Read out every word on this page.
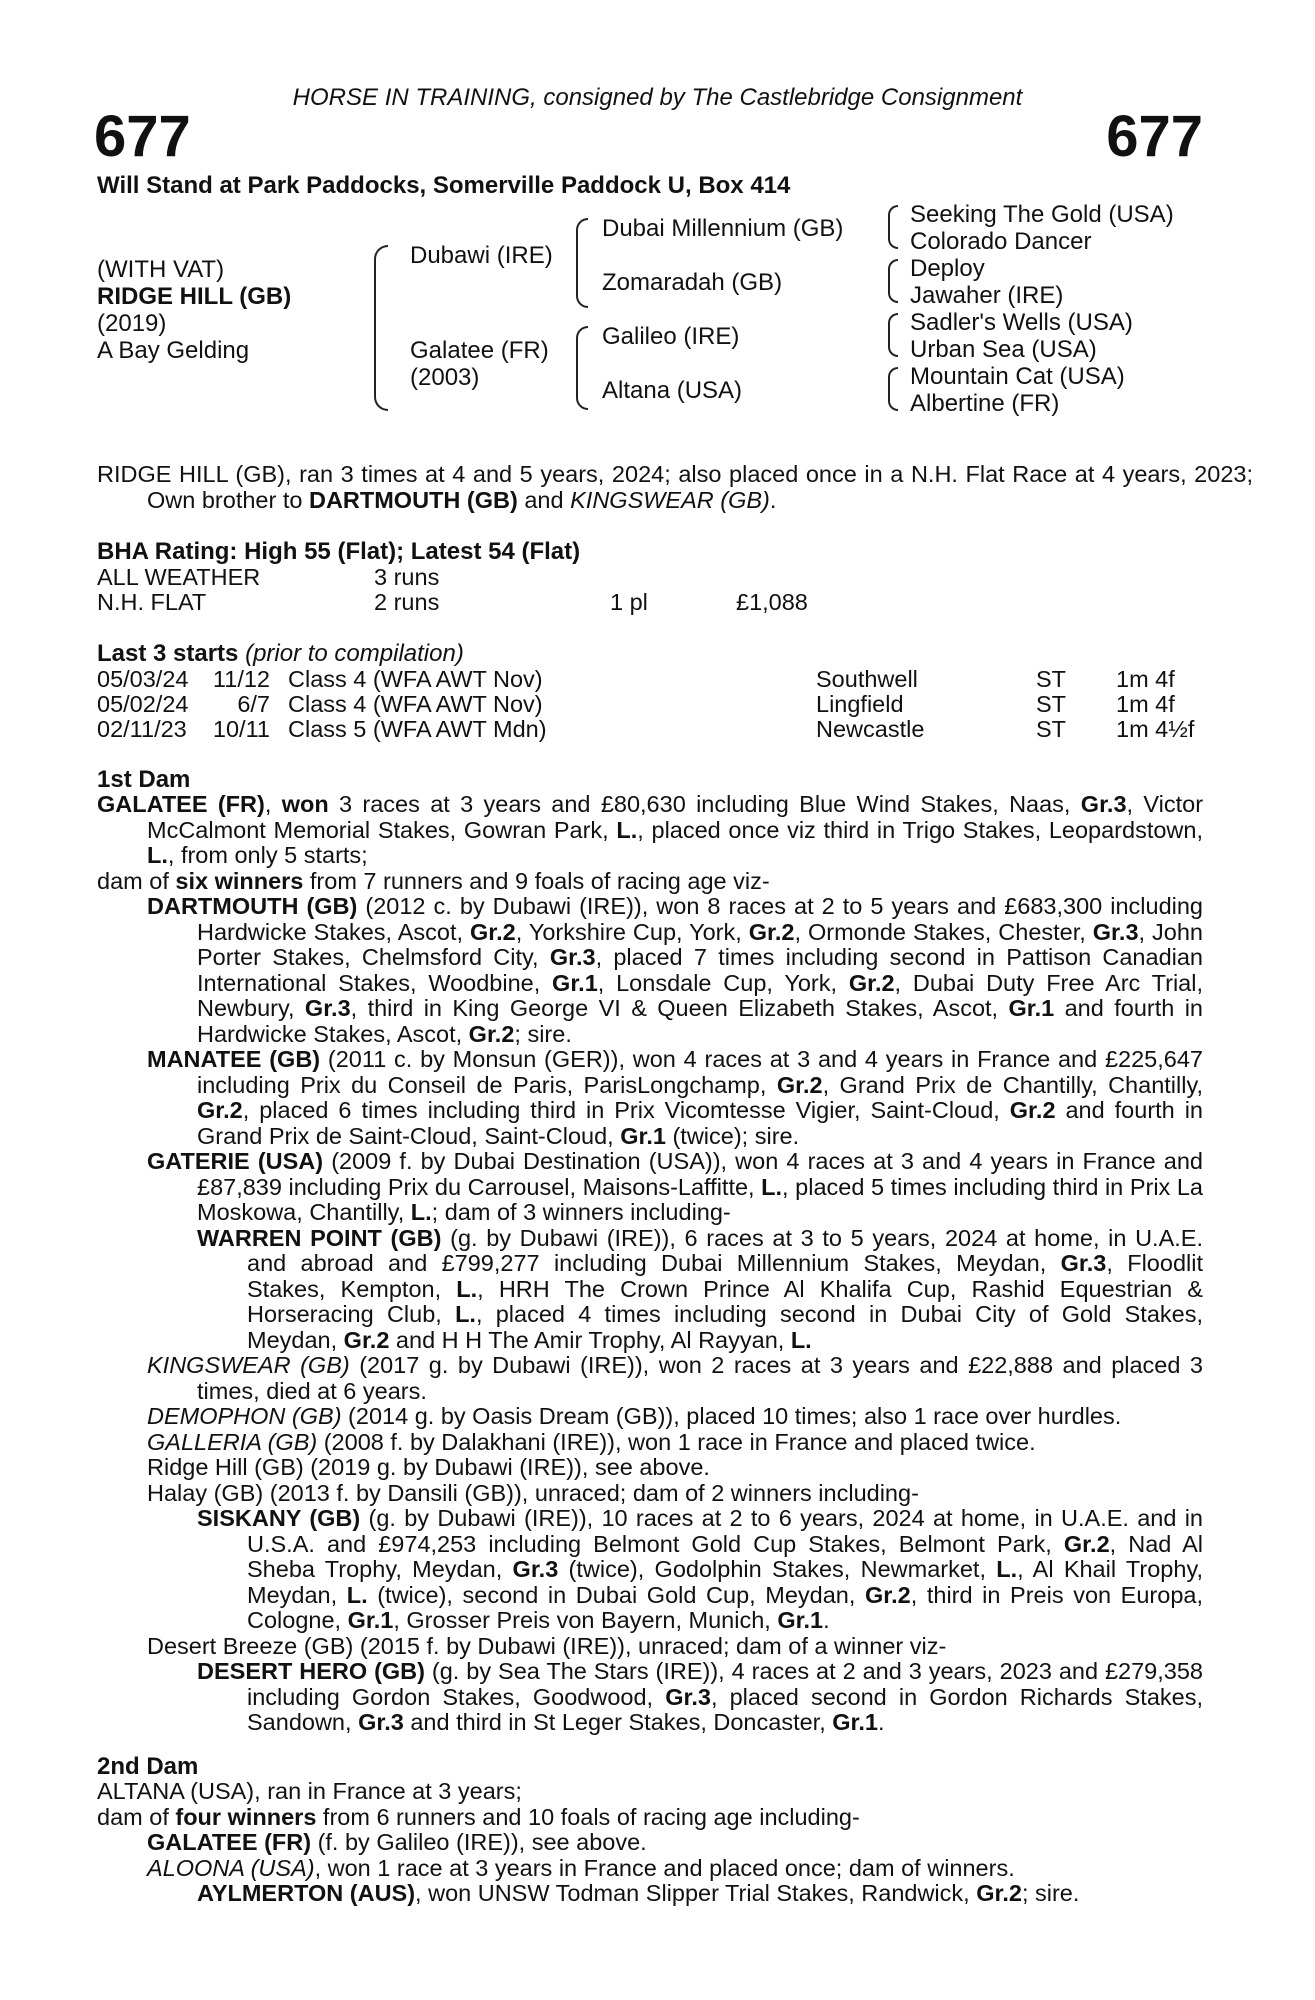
HORSE IN TRAINING, consigned by The Castlebridge Consignment
677	677
Will Stand at Park Paddocks, Somerville Paddock U, Box 414
(WITH VAT)
RIDGE HILL (GB)
(2019)
A Bay Gelding
Dubawi (IRE)
Galatee (FR)
(2003)
Dubai Millennium (GB)
Zomaradah (GB)
Galileo (IRE)
Altana (USA)
Seeking The Gold (USA)
Colorado Dancer
Deploy
Jawaher (IRE)
Sadler's Wells (USA)
Urban Sea (USA)
Mountain Cat (USA)
Albertine (FR)
RIDGE HILL (GB), ran 3 times at 4 and 5 years, 2024; also placed once in a N.H. Flat Race at 4 years, 2023; Own brother to DARTMOUTH (GB) and KINGSWEAR (GB).
BHA Rating: High 55 (Flat); Latest 54 (Flat)
ALL WEATHER	3 runs
N.H. FLAT	2 runs	1 pl	£1,088
Last 3 starts (prior to compilation)
05/03/24	11/12 Class 4 (WFA AWT Nov)	Southwell	ST 1m 4f
05/02/24	6/7 Class 4 (WFA AWT Nov)	Lingfield	ST 1m 4f
02/11/23	10/11 Class 5 (WFA AWT Mdn)	Newcastle	ST 1m 4½f
1st Dam

GALATEE (FR), won 3 races at 3 years and £80,630 including Blue Wind Stakes, Naas, Gr.3, Victor McCalmont Memorial Stakes, Gowran Park, L., placed once viz third in Trigo Stakes, Leopardstown, L., from only 5 starts;

dam of six winners from 7 runners and 9 foals of racing age viz-

DARTMOUTH (GB) (2012 c. by Dubawi (IRE)), won 8 races at 2 to 5 years and £683,300 including Hardwicke Stakes, Ascot, Gr.2, Yorkshire Cup, York, Gr.2, Ormonde Stakes, Chester, Gr.3, John Porter Stakes, Chelmsford City, Gr.3, placed 7 times including second in Pattison Canadian International Stakes, Woodbine, Gr.1, Lonsdale Cup, York, Gr.2, Dubai Duty Free Arc Trial, Newbury, Gr.3, third in King George VI & Queen Elizabeth Stakes, Ascot, Gr.1 and fourth in Hardwicke Stakes, Ascot, Gr.2; sire.

MANATEE (GB) (2011 c. by Monsun (GER)), won 4 races at 3 and 4 years in France and £225,647 including Prix du Conseil de Paris, ParisLongchamp, Gr.2, Grand Prix de Chantilly, Chantilly, Gr.2, placed 6 times including third in Prix Vicomtesse Vigier, Saint-Cloud, Gr.2 and fourth in Grand Prix de Saint-Cloud, Saint-Cloud, Gr.1 (twice); sire.

GATERIE (USA) (2009 f. by Dubai Destination (USA)), won 4 races at 3 and 4 years in France and £87,839 including Prix du Carrousel, Maisons-Laffitte, L., placed 5 times including third in Prix La Moskowa, Chantilly, L.; dam of 3 winners including-

WARREN POINT (GB) (g. by Dubawi (IRE)), 6 races at 3 to 5 years, 2024 at home, in U.A.E. and abroad and £799,277 including Dubai Millennium Stakes, Meydan, Gr.3, Floodlit Stakes, Kempton, L., HRH The Crown Prince Al Khalifa Cup, Rashid Equestrian & Horseracing Club, L., placed 4 times including second in Dubai City of Gold Stakes, Meydan, Gr.2 and H H The Amir Trophy, Al Rayyan, L.

KINGSWEAR (GB) (2017 g. by Dubawi (IRE)), won 2 races at 3 years and £22,888 and placed 3 times, died at 6 years.

DEMOPHON (GB) (2014 g. by Oasis Dream (GB)), placed 10 times; also 1 race over hurdles.

GALLERIA (GB) (2008 f. by Dalakhani (IRE)), won 1 race in France and placed twice.

Ridge Hill (GB) (2019 g. by Dubawi (IRE)), see above.

Halay (GB) (2013 f. by Dansili (GB)), unraced; dam of 2 winners including-

SISKANY (GB) (g. by Dubawi (IRE)), 10 races at 2 to 6 years, 2024 at home, in U.A.E. and in U.S.A. and £974,253 including Belmont Gold Cup Stakes, Belmont Park, Gr.2, Nad Al Sheba Trophy, Meydan, Gr.3 (twice), Godolphin Stakes, Newmarket, L., Al Khail Trophy, Meydan, L. (twice), second in Dubai Gold Cup, Meydan, Gr.2, third in Preis von Europa, Cologne, Gr.1, Grosser Preis von Bayern, Munich, Gr.1.

Desert Breeze (GB) (2015 f. by Dubawi (IRE)), unraced; dam of a winner viz-

DESERT HERO (GB) (g. by Sea The Stars (IRE)), 4 races at 2 and 3 years, 2023 and £279,358 including Gordon Stakes, Goodwood, Gr.3, placed second in Gordon Richards Stakes, Sandown, Gr.3 and third in St Leger Stakes, Doncaster, Gr.1.

2nd Dam

ALTANA (USA), ran in France at 3 years;

dam of four winners from 6 runners and 10 foals of racing age including-

GALATEE (FR) (f. by Galileo (IRE)), see above.

ALOONA (USA), won 1 race at 3 years in France and placed once; dam of winners.

AYLMERTON (AUS), won UNSW Todman Slipper Trial Stakes, Randwick, Gr.2; sire.
